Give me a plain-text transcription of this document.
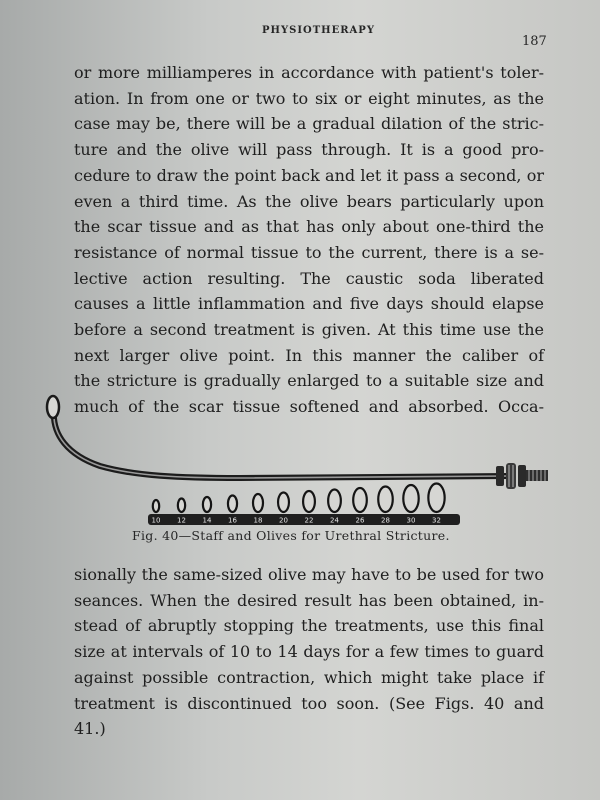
PHYSIOTHERAPY
187
or more milliamperes in accordance with patient's toler-
ation. In from one or two to six or eight minutes, as the
case may be, there will be a gradual dilation of the stric-
ture and the olive will pass through. It is a good pro-
cedure to draw the point back and let it pass a second, or
even a third time. As the olive bears particularly upon
the scar tissue and as that has only about one-third the
resistance of normal tissue to the current, there is a se-
lective action resulting. The caustic soda liberated
causes a little inflammation and five days should elapse
before a second treatment is given. At this time use the
next larger olive point. In this manner the caliber of
the stricture is gradually enlarged to a suitable size and
much of the scar tissue softened and absorbed. Occa-
10 12 14 16 18 20 22 24 26 28 30 32
Fig. 40—Staff and Olives for Urethral Stricture.
sionally the same-sized olive may have to be used for two
seances. When the desired result has been obtained, in-
stead of abruptly stopping the treatments, use this final
size at intervals of 10 to 14 days for a few times to guard
against possible contraction, which might take place if
treatment is discontinued too soon. (See Figs. 40 and
41.)
